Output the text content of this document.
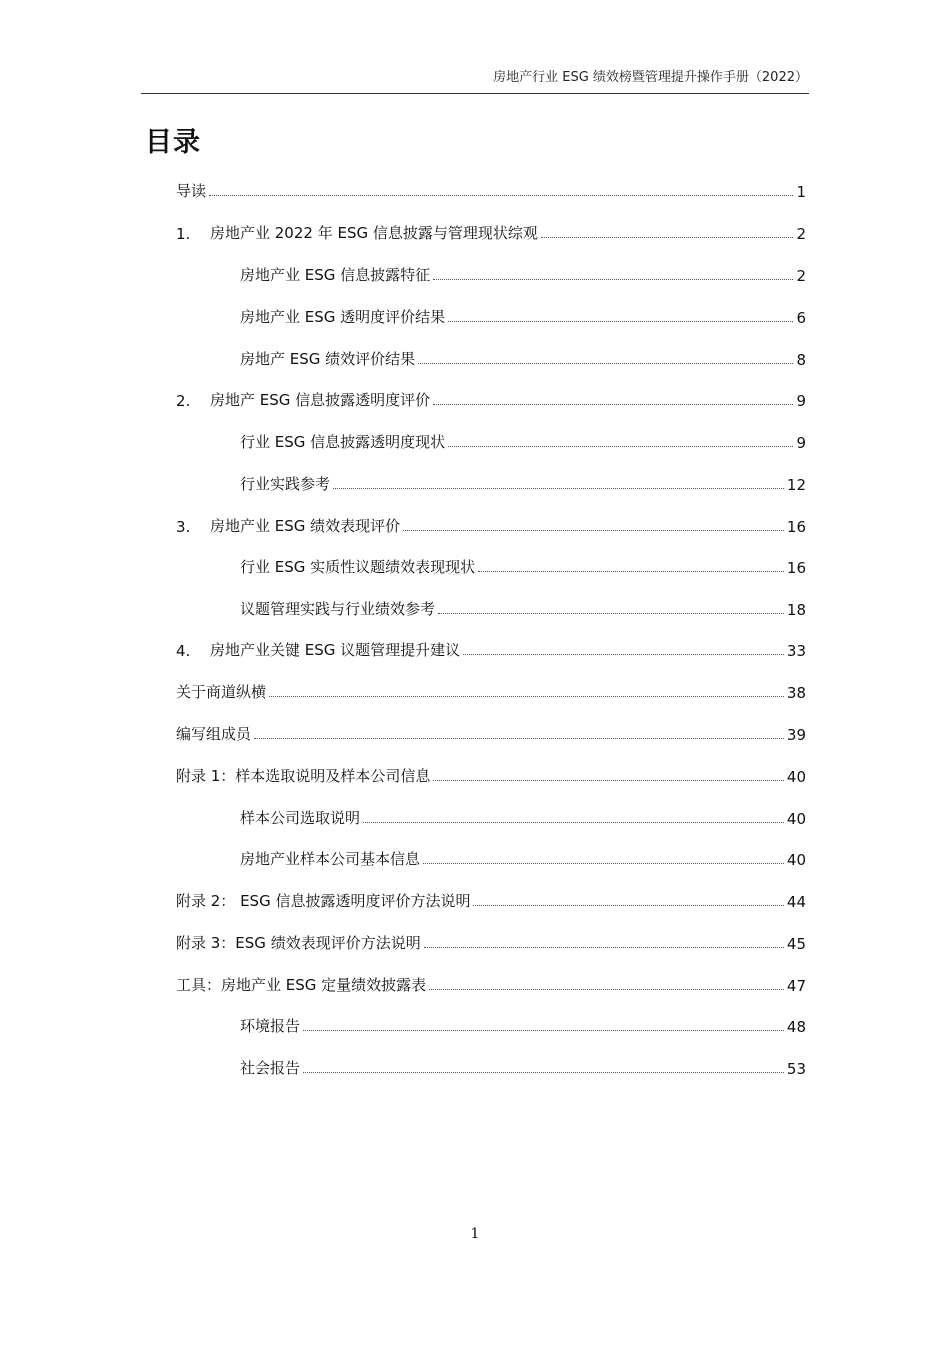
房地产行业 ESG 绩效榜暨管理提升操作手册（2022）
目录
导读	1
1.	房地产业 2022 年 ESG 信息披露与管理现状综观	2
房地产业 ESG 信息披露特征	2
房地产业 ESG 透明度评价结果	6
房地产 ESG 绩效评价结果	8
2.	房地产 ESG 信息披露透明度评价	9
行业 ESG 信息披露透明度现状	9
行业实践参考	12
3.	房地产业 ESG 绩效表现评价	16
行业 ESG 实质性议题绩效表现现状	16
议题管理实践与行业绩效参考	18
4.	房地产业关键 ESG 议题管理提升建议	33
关于商道纵横	38
编写组成员	39
附录 1：样本选取说明及样本公司信息	40
样本公司选取说明	40
房地产业样本公司基本信息	40
附录 2： ESG 信息披露透明度评价方法说明	44
附录 3：ESG 绩效表现评价方法说明	45
工具：房地产业 ESG 定量绩效披露表	47
环境报告	48
社会报告	53
1
